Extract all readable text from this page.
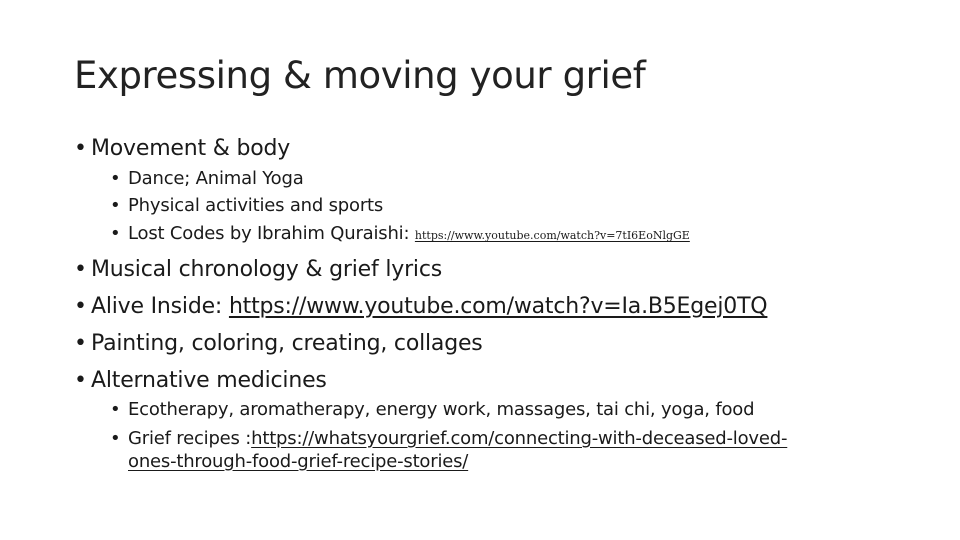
Expressing & moving your grief
• Movement & body
• Dance; Animal Yoga
• Physical activities and sports
• Lost Codes by Ibrahim Quraishi: https://www.youtube.com/watch?v=7tI6EoNlgGE
• Musical chronology & grief lyrics
• Alive Inside: https://www.youtube.com/watch?v=Ia.B5Egej0TQ
• Painting, coloring, creating, collages
• Alternative medicines
• Ecotherapy, aromatherapy, energy work, massages, tai chi, yoga, food
• Grief recipes :https://whatsyourgrief.com/connecting-with-deceased-loved-
ones-through-food-grief-recipe-stories/
